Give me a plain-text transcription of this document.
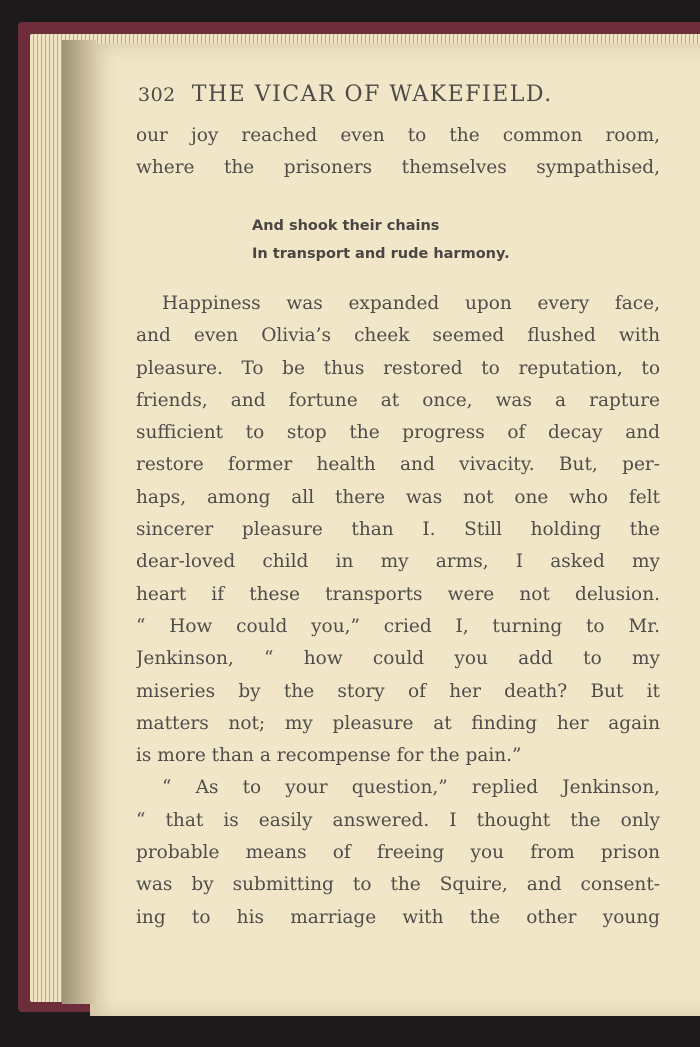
302 THE VICAR OF WAKEFIELD.
our joy reached even to the common room,
where the prisoners themselves sympathised,
And shook their chains
In transport and rude harmony.
Happiness was expanded upon every face,
and even Olivia’s cheek seemed flushed with
pleasure. To be thus restored to reputation, to
friends, and fortune at once, was a rapture
sufficient to stop the progress of decay and
restore former health and vivacity. But, per-
haps, among all there was not one who felt
sincerer pleasure than I. Still holding the
dear-loved child in my arms, I asked my
heart if these transports were not delusion.
“ How could you,” cried I, turning to Mr.
Jenkinson, “ how could you add to my
miseries by the story of her death? But it
matters not; my pleasure at finding her again
is more than a recompense for the pain.”
“ As to your question,” replied Jenkinson,
“ that is easily answered. I thought the only
probable means of freeing you from prison
was by submitting to the Squire, and consent-
ing to his marriage with the other young
